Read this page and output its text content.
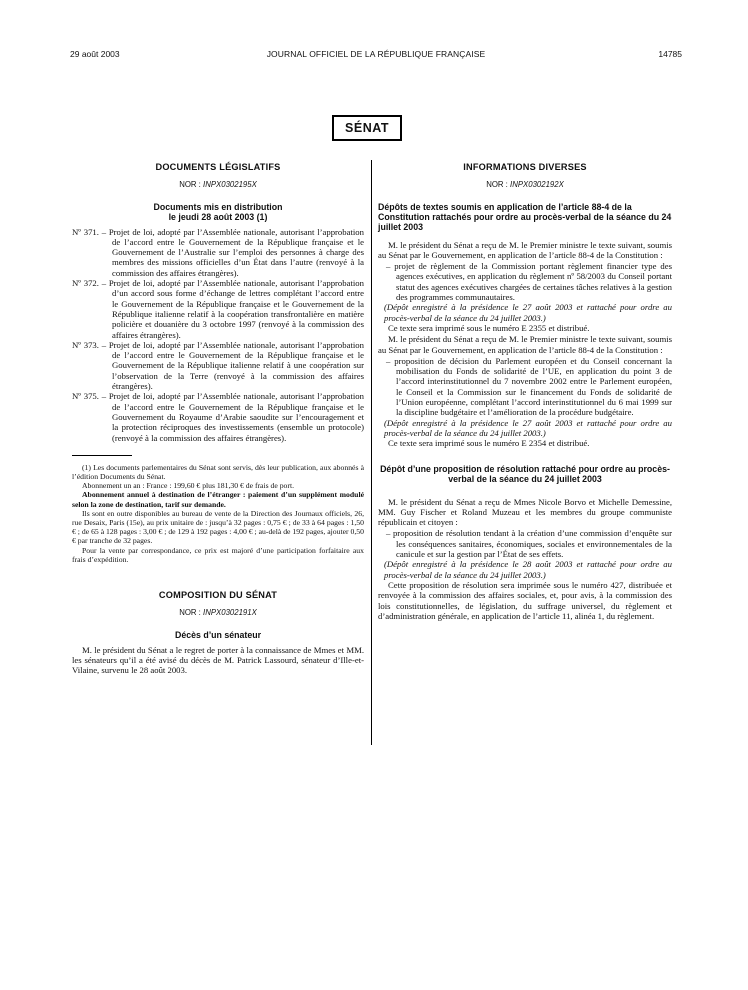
29 août 2003	JOURNAL OFFICIEL DE LA RÉPUBLIQUE FRANÇAISE	14785
SÉNAT
DOCUMENTS LÉGISLATIFS
NOR : INPX0302195X
Documents mis en distribution
le jeudi 28 août 2003 (1)

Nº 371. – Projet de loi, adopté par l’Assemblée nationale, autorisant l’approbation de l’accord entre le Gouvernement de la République française et le Gouvernement de l’Australie sur l’emploi des personnes à charge des membres des missions officielles d’un État dans l’autre (renvoyé à la commission des affaires étrangères).

Nº 372. – Projet de loi, adopté par l’Assemblée nationale, autorisant l’approbation d’un accord sous forme d’échange de lettres complétant l’accord entre le Gouvernement de la République française et le Gouvernement de la République italienne relatif à la coopération transfrontalière en matière policière et douanière du 3 octobre 1997 (renvoyé à la commission des affaires étrangères).

Nº 373. – Projet de loi, adopté par l’Assemblée nationale, autorisant l’approbation de l’accord entre le Gouvernement de la République française et le Gouvernement de la République italienne relatif à une coopération sur l’observation de la Terre (renvoyé à la commission des affaires étrangères).

Nº 375. – Projet de loi, adopté par l’Assemblée nationale, autorisant l’approbation de l’accord entre le Gouvernement de la République française et le Gouvernement du Royaume d’Arabie saoudite sur l’encouragement et la protection réciproques des investissements (ensemble un protocole) (renvoyé à la commission des affaires étrangères).

(1) Les documents parlementaires du Sénat sont servis, dès leur publication, aux abonnés à l’édition Documents du Sénat.

Abonnement un an : France : 199,60 € plus 181,30 € de frais de port.

Abonnement annuel à destination de l’étranger : paiement d’un supplément modulé selon la zone de destination, tarif sur demande.

Ils sont en outre disponibles au bureau de vente de la Direction des Journaux officiels, 26, rue Desaix, Paris (15e), au prix unitaire de : jusqu’à 32 pages : 0,75 € ; de 33 à 64 pages : 1,50 € ; de 65 à 128 pages : 3,00 € ; de 129 à 192 pages : 4,00 € ; au-delà de 192 pages, ajouter 0,50 € par tranche de 32 pages.

Pour la vente par correspondance, ce prix est majoré d’une participation forfaitaire aux frais d’expédition.

COMPOSITION DU SÉNAT
NOR : INPX0302191X
Décès d’un sénateur

M. le président du Sénat a le regret de porter à la connaissance de Mmes et MM. les sénateurs qu’il a été avisé du décès de M. Patrick Lassourd, sénateur d’Ille-et-Vilaine, survenu le 28 août 2003.

INFORMATIONS DIVERSES
NOR : INPX0302192X
Dépôts de textes soumis en application de l’article 88-4 de la Constitution rattachés pour ordre au procès-verbal de la séance du 24 juillet 2003

M. le président du Sénat a reçu de M. le Premier ministre le texte suivant, soumis au Sénat par le Gouvernement, en application de l’article 88-4 de la Constitution :

– projet de règlement de la Commission portant règlement financier type des agences exécutives, en application du règlement nº 58/2003 du Conseil portant statut des agences exécutives chargées de certaines tâches relatives à la gestion des programmes communautaires.

(Dépôt enregistré à la présidence le 27 août 2003 et rattaché pour ordre au procès-verbal de la séance du 24 juillet 2003.)

Ce texte sera imprimé sous le numéro E 2355 et distribué.

M. le président du Sénat a reçu de M. le Premier ministre le texte suivant, soumis au Sénat par le Gouvernement, en application de l’article 88-4 de la Constitution :

– proposition de décision du Parlement européen et du Conseil concernant la mobilisation du Fonds de solidarité de l’UE, en application du point 3 de l’accord interinstitutionnel du 7 novembre 2002 entre le Parlement européen, le Conseil et la Commission sur le financement du Fonds de solidarité de l’Union européenne, complétant l’accord interinstitutionnel du 6 mai 1999 sur la discipline budgétaire et l’amélioration de la procédure budgétaire.

(Dépôt enregistré à la présidence le 27 août 2003 et rattaché pour ordre au procès-verbal de la séance du 24 juillet 2003.)

Ce texte sera imprimé sous le numéro E 2354 et distribué.

Dépôt d’une proposition de résolution rattaché pour ordre au procès-verbal de la séance du 24 juillet 2003

M. le président du Sénat a reçu de Mmes Nicole Borvo et Michelle Demessine, MM. Guy Fischer et Roland Muzeau et les membres du groupe communiste républicain et citoyen :

– proposition de résolution tendant à la création d’une commission d’enquête sur les conséquences sanitaires, économiques, sociales et environnementales de la canicule et sur la gestion par l’État de ses effets.

(Dépôt enregistré à la présidence le 28 août 2003 et rattaché pour ordre au procès-verbal de la séance du 24 juillet 2003.)

Cette proposition de résolution sera imprimée sous le numéro 427, distribuée et renvoyée à la commission des affaires sociales, et, pour avis, à la commission des lois constitutionnelles, de législation, du suffrage universel, du règlement et d’administration générale, en application de l’article 11, alinéa 1, du règlement.
